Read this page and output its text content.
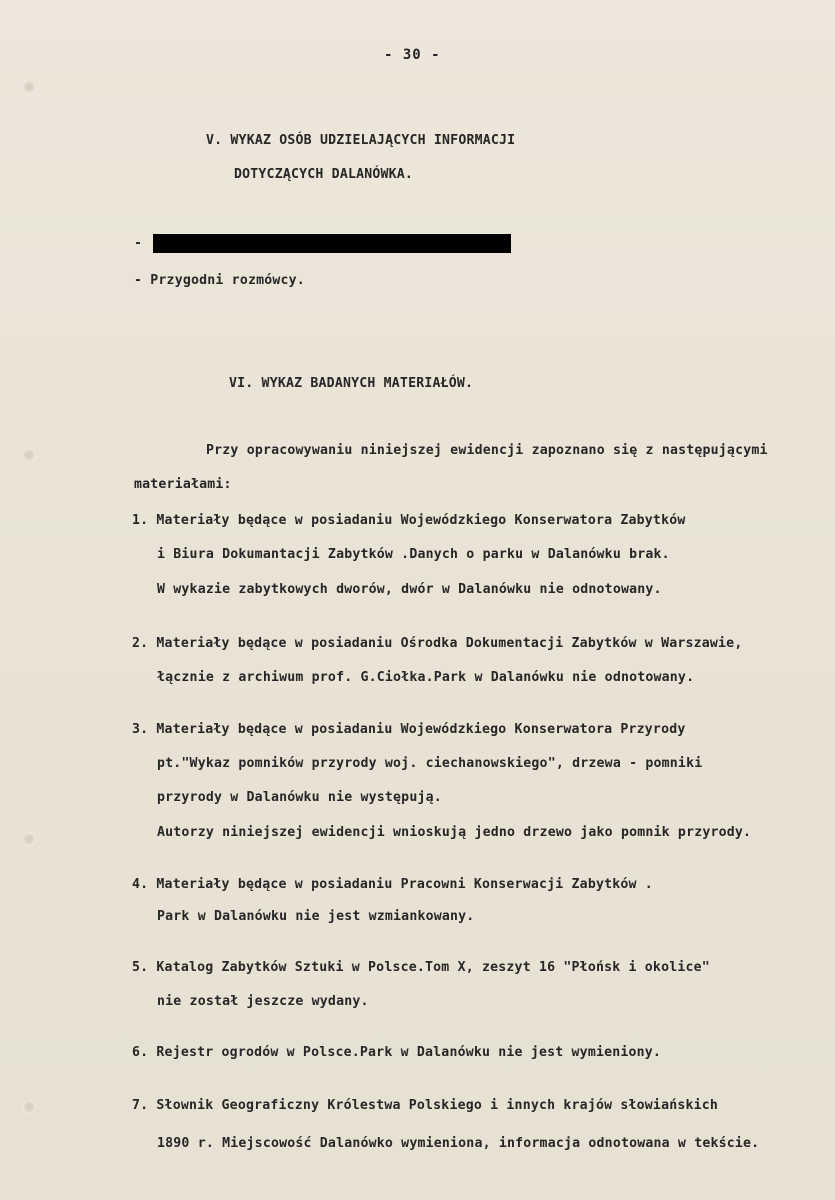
- 30 -
V. WYKAZ OSÓB UDZIELAJĄCYCH INFORMACJI
DOTYCZĄCYCH DALANÓWKA.
-
- Przygodni rozmówcy.
VI. WYKAZ BADANYCH MATERIAŁÓW.
Przy opracowywaniu niniejszej ewidencji zapoznano się z następującymi
materiałami:
1. Materiały będące w posiadaniu Wojewódzkiego Konserwatora Zabytków
i Biura Dokumantacji Zabytków .Danych o parku w Dalanówku brak.
W wykazie zabytkowych dworów, dwór w Dalanówku nie odnotowany.
2. Materiały będące w posiadaniu Ośrodka Dokumentacji Zabytków w Warszawie,
łącznie z archiwum prof. G.Ciołka.Park w Dalanówku nie odnotowany.
3. Materiały będące w posiadaniu Wojewódzkiego Konserwatora Przyrody
pt."Wykaz pomników przyrody woj. ciechanowskiego", drzewa - pomniki
przyrody w Dalanówku nie występują.
Autorzy niniejszej ewidencji wnioskują jedno drzewo jako pomnik przyrody.
4. Materiały będące w posiadaniu Pracowni Konserwacji Zabytków .
Park w Dalanówku nie jest wzmiankowany.
5. Katalog Zabytków Sztuki w Polsce.Tom X, zeszyt 16 "Płońsk i okolice"
nie został jeszcze wydany.
6. Rejestr ogrodów w Polsce.Park w Dalanówku nie jest wymieniony.
7. Słownik Geograficzny Królestwa Polskiego i innych krajów słowiańskich
1890 r. Miejscowość Dalanówko wymieniona, informacja odnotowana w tekście.
